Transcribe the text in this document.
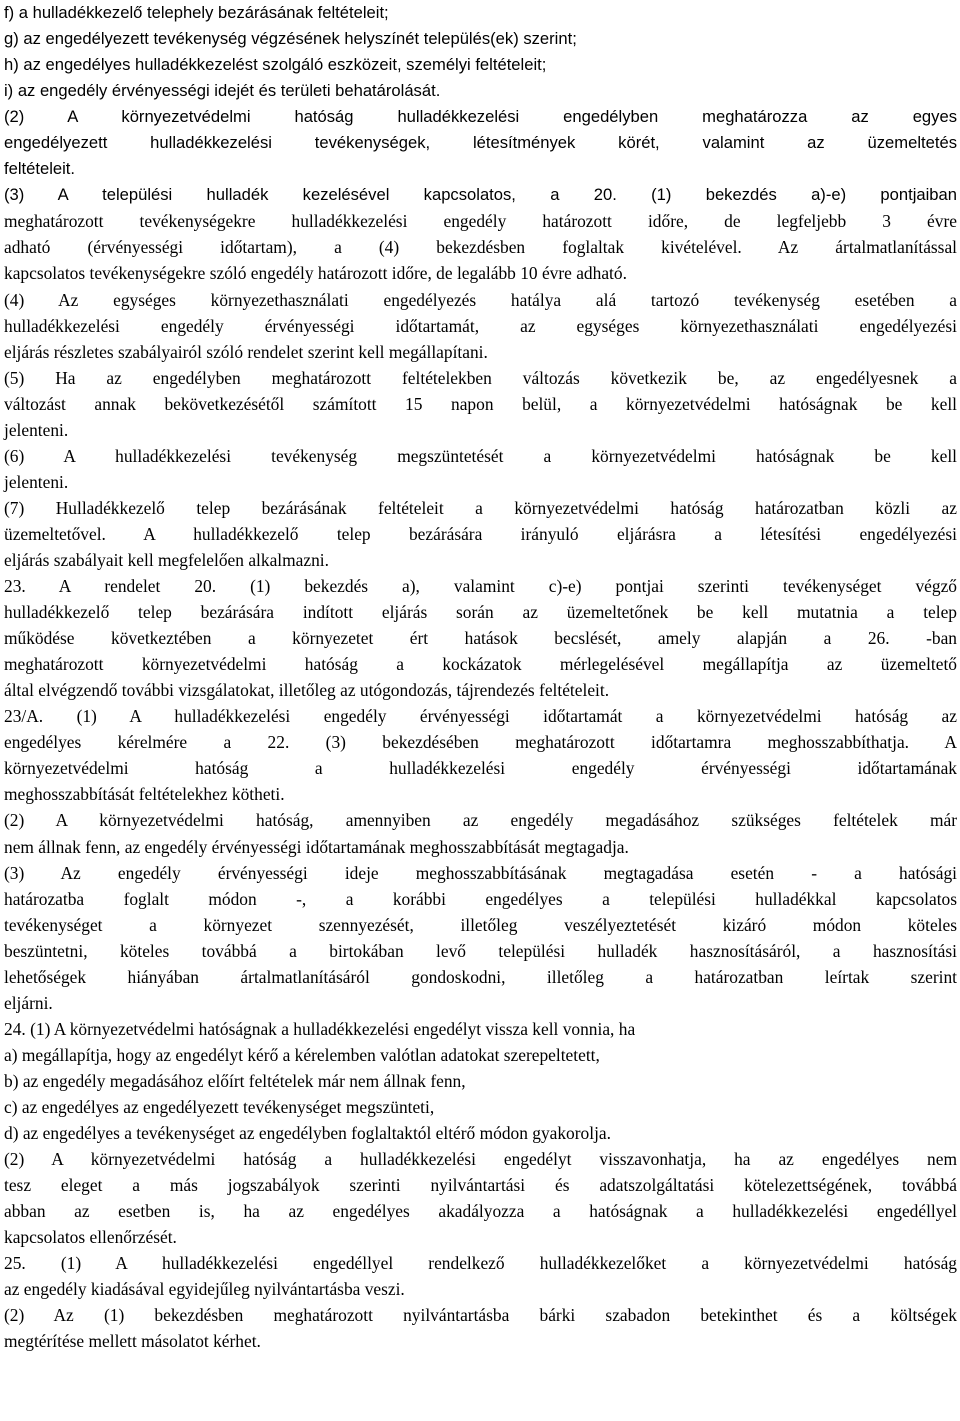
f) a hulladékkezelő telephely bezárásának feltételeit;
g) az engedélyezett tevékenység végzésének helyszínét település(ek) szerint;
h) az engedélyes hulladékkezelést szolgáló eszközeit, személyi feltételeit;
i) az engedély érvényességi idejét és területi behatárolását.
(2) A környezetvédelmi hatóság hulladékkezelési engedélyben meghatározza az egyes
engedélyezett hulladékkezelési tevékenységek, létesítmények körét, valamint az üzemeltetés
feltételeit.
(3) A települési hulladék kezelésével kapcsolatos, a 20. (1) bekezdés a)-e) pontjaiban
meghatározott tevékenységekre hulladékkezelési engedély határozott időre, de legfeljebb 3 évre
adható (érvényességi időtartam), a (4) bekezdésben foglaltak kivételével. Az ártalmatlanítással
kapcsolatos tevékenységekre szóló engedély határozott időre, de legalább 10 évre adható.
(4) Az egységes környezethasználati engedélyezés hatálya alá tartozó tevékenység esetében a
hulladékkezelési engedély érvényességi időtartamát, az egységes környezethasználati engedélyezési
eljárás részletes szabályairól szóló rendelet szerint kell megállapítani.
(5) Ha az engedélyben meghatározott feltételekben változás következik be, az engedélyesnek a
változást annak bekövetkezésétől számított 15 napon belül, a környezetvédelmi hatóságnak be kell
jelenteni.
(6) A hulladékkezelési tevékenység megszüntetését a környezetvédelmi hatóságnak be kell
jelenteni.
(7) Hulladékkezelő telep bezárásának feltételeit a környezetvédelmi hatóság határozatban közli az
üzemeltetővel. A hulladékkezelő telep bezárására irányuló eljárásra a létesítési engedélyezési
eljárás szabályait kell megfelelően alkalmazni.
23. A rendelet 20. (1) bekezdés a), valamint c)-e) pontjai szerinti tevékenységet végző
hulladékkezelő telep bezárására indított eljárás során az üzemeltetőnek be kell mutatnia a telep
működése következtében a környezetet ért hatások becslését, amely alapján a 26. -ban
meghatározott környezetvédelmi hatóság a kockázatok mérlegelésével megállapítja az üzemeltető
által elvégzendő további vizsgálatokat, illetőleg az utógondozás, tájrendezés feltételeit.
23/A. (1) A hulladékkezelési engedély érvényességi időtartamát a környezetvédelmi hatóság az
engedélyes kérelmére a 22. (3) bekezdésében meghatározott időtartamra meghosszabbíthatja. A
környezetvédelmi hatóság a hulladékkezelési engedély érvényességi időtartamának
meghosszabbítását feltételekhez kötheti.
(2) A környezetvédelmi hatóság, amennyiben az engedély megadásához szükséges feltételek már
nem állnak fenn, az engedély érvényességi időtartamának meghosszabbítását megtagadja.
(3) Az engedély érvényességi ideje meghosszabbításának megtagadása esetén - a hatósági
határozatba foglalt módon -, a korábbi engedélyes a települési hulladékkal kapcsolatos
tevékenységet a környezet szennyezését, illetőleg veszélyeztetését kizáró módon köteles
beszüntetni, köteles továbbá a birtokában levő települési hulladék hasznosításáról, a hasznosítási
lehetőségek hiányában ártalmatlanításáról gondoskodni, illetőleg a határozatban leírtak szerint
eljárni.
24. (1) A környezetvédelmi hatóságnak a hulladékkezelési engedélyt vissza kell vonnia, ha
a) megállapítja, hogy az engedélyt kérő a kérelemben valótlan adatokat szerepeltetett,
b) az engedély megadásához előírt feltételek már nem állnak fenn,
c) az engedélyes az engedélyezett tevékenységet megszünteti,
d) az engedélyes a tevékenységet az engedélyben foglaltaktól eltérő módon gyakorolja.
(2) A környezetvédelmi hatóság a hulladékkezelési engedélyt visszavonhatja, ha az engedélyes nem
tesz eleget a más jogszabályok szerinti nyilvántartási és adatszolgáltatási kötelezettségének, továbbá
abban az esetben is, ha az engedélyes akadályozza a hatóságnak a hulladékkezelési engedéllyel
kapcsolatos ellenőrzését.
25. (1) A hulladékkezelési engedéllyel rendelkező hulladékkezelőket a környezetvédelmi hatóság
az engedély kiadásával egyidejűleg nyilvántartásba veszi.
(2) Az (1) bekezdésben meghatározott nyilvántartásba bárki szabadon betekinthet és a költségek
megtérítése mellett másolatot kérhet.
